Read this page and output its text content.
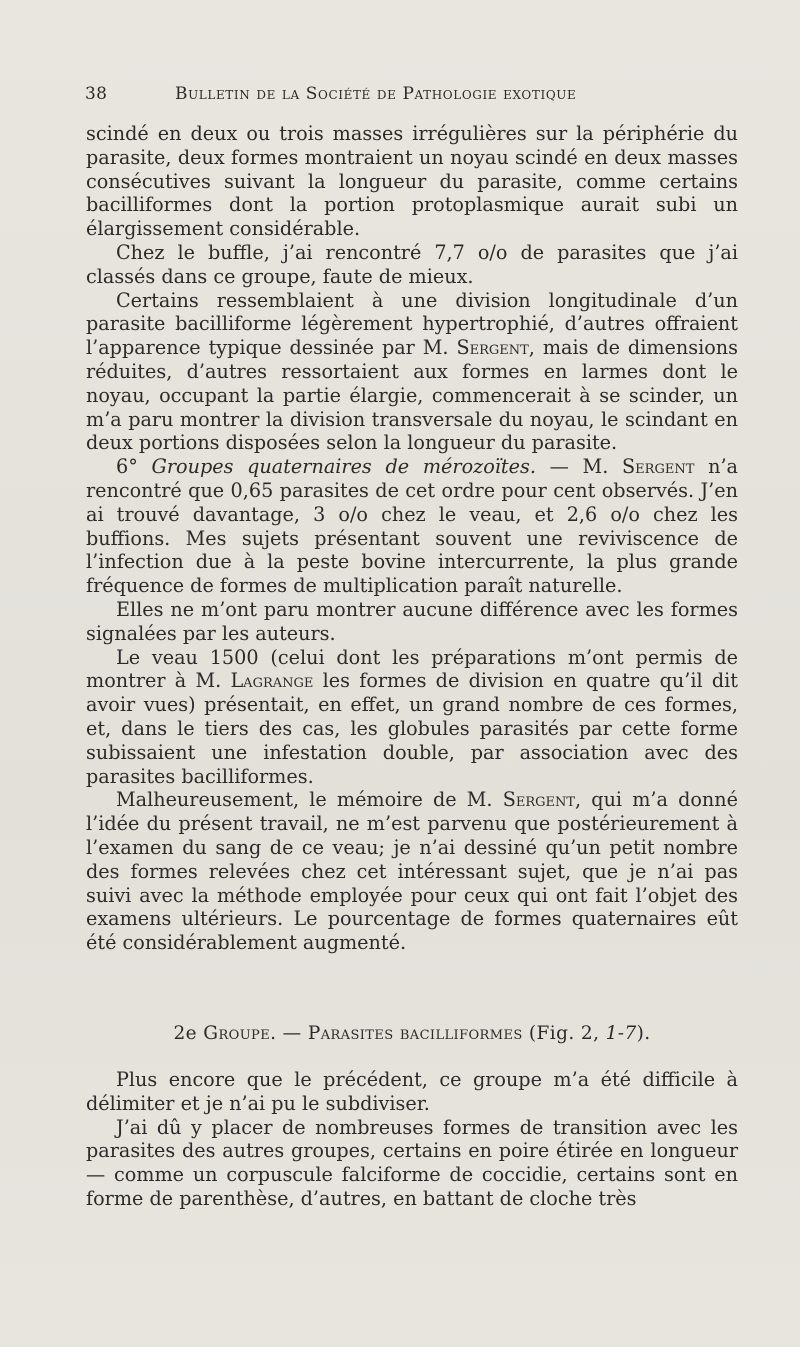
38	Bulletin de la Société de Pathologie exotique

scindé en deux ou trois masses irrégulières sur la périphérie du parasite, deux formes montraient un noyau scindé en deux masses consécutives suivant la longueur du parasite, comme certains bacilliformes dont la portion protoplasmique aurait subi un élargissement considérable.

Chez le buffle, j’ai rencontré 7,7 o/o de parasites que j’ai classés dans ce groupe, faute de mieux.

Certains ressemblaient à une division longitudinale d’un parasite bacilliforme légèrement hypertrophié, d’autres offraient l’apparence typique dessinée par M. Sergent, mais de dimensions réduites, d’autres ressortaient aux formes en larmes dont le noyau, occupant la partie élargie, commencerait à se scinder, un m’a paru montrer la division transversale du noyau, le scindant en deux portions disposées selon la longueur du parasite.

6° Groupes quaternaires de mérozoïtes. — M. Sergent n’a rencontré que 0,65 parasites de cet ordre pour cent observés. J’en ai trouvé davantage, 3 o/o chez le veau, et 2,6 o/o chez les buffions. Mes sujets présentant souvent une reviviscence de l’infection due à la peste bovine intercurrente, la plus grande fréquence de formes de multiplication paraît naturelle.

Elles ne m’ont paru montrer aucune différence avec les formes signalées par les auteurs.

Le veau 1500 (celui dont les préparations m’ont permis de montrer à M. Lagrange les formes de division en quatre qu’il dit avoir vues) présentait, en effet, un grand nombre de ces formes, et, dans le tiers des cas, les globules parasités par cette forme subissaient une infestation double, par association avec des parasites bacilliformes.

Malheureusement, le mémoire de M. Sergent, qui m’a donné l’idée du présent travail, ne m’est parvenu que postérieurement à l’examen du sang de ce veau; je n’ai dessiné qu’un petit nombre des formes relevées chez cet intéressant sujet, que je n’ai pas suivi avec la méthode employée pour ceux qui ont fait l’objet des examens ultérieurs. Le pourcentage de formes quaternaires eût été considérablement augmenté.

2e Groupe. — Parasites bacilliformes (Fig. 2, 1-7).

Plus encore que le précédent, ce groupe m’a été difficile à délimiter et je n’ai pu le subdiviser.

J’ai dû y placer de nombreuses formes de transition avec les parasites des autres groupes, certains en poire étirée en longueur — comme un corpuscule falciforme de coccidie, certains sont en forme de parenthèse, d’autres, en battant de cloche très
